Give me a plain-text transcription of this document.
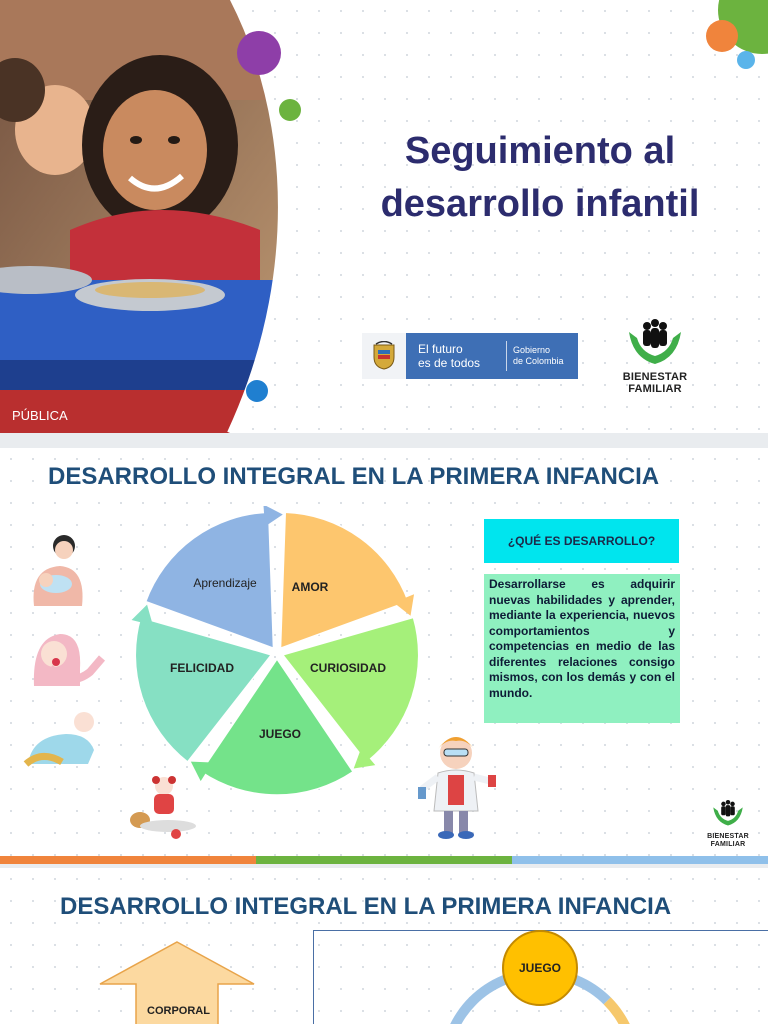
PÚBLICA
Seguimiento al
desarrollo infantil
El futuro
es de todos
Gobierno
de Colombia
BIENESTAR
FAMILIAR
DESARROLLO INTEGRAL EN LA PRIMERA INFANCIA
Aprendizaje	AMOR
CURIOSIDAD
JUEGO
FELICIDAD
¿QUÉ ES DESARROLLO?
Desarrollarse es adquirir nuevas habilidades y aprender, mediante la experiencia, nuevos comportamientos y competencias en medio de las diferentes relaciones consigo mismos, con los demás y con el mundo.
BIENESTAR
FAMILIAR
DESARROLLO INTEGRAL EN LA PRIMERA INFANCIA
CORPORAL
JUEGO
